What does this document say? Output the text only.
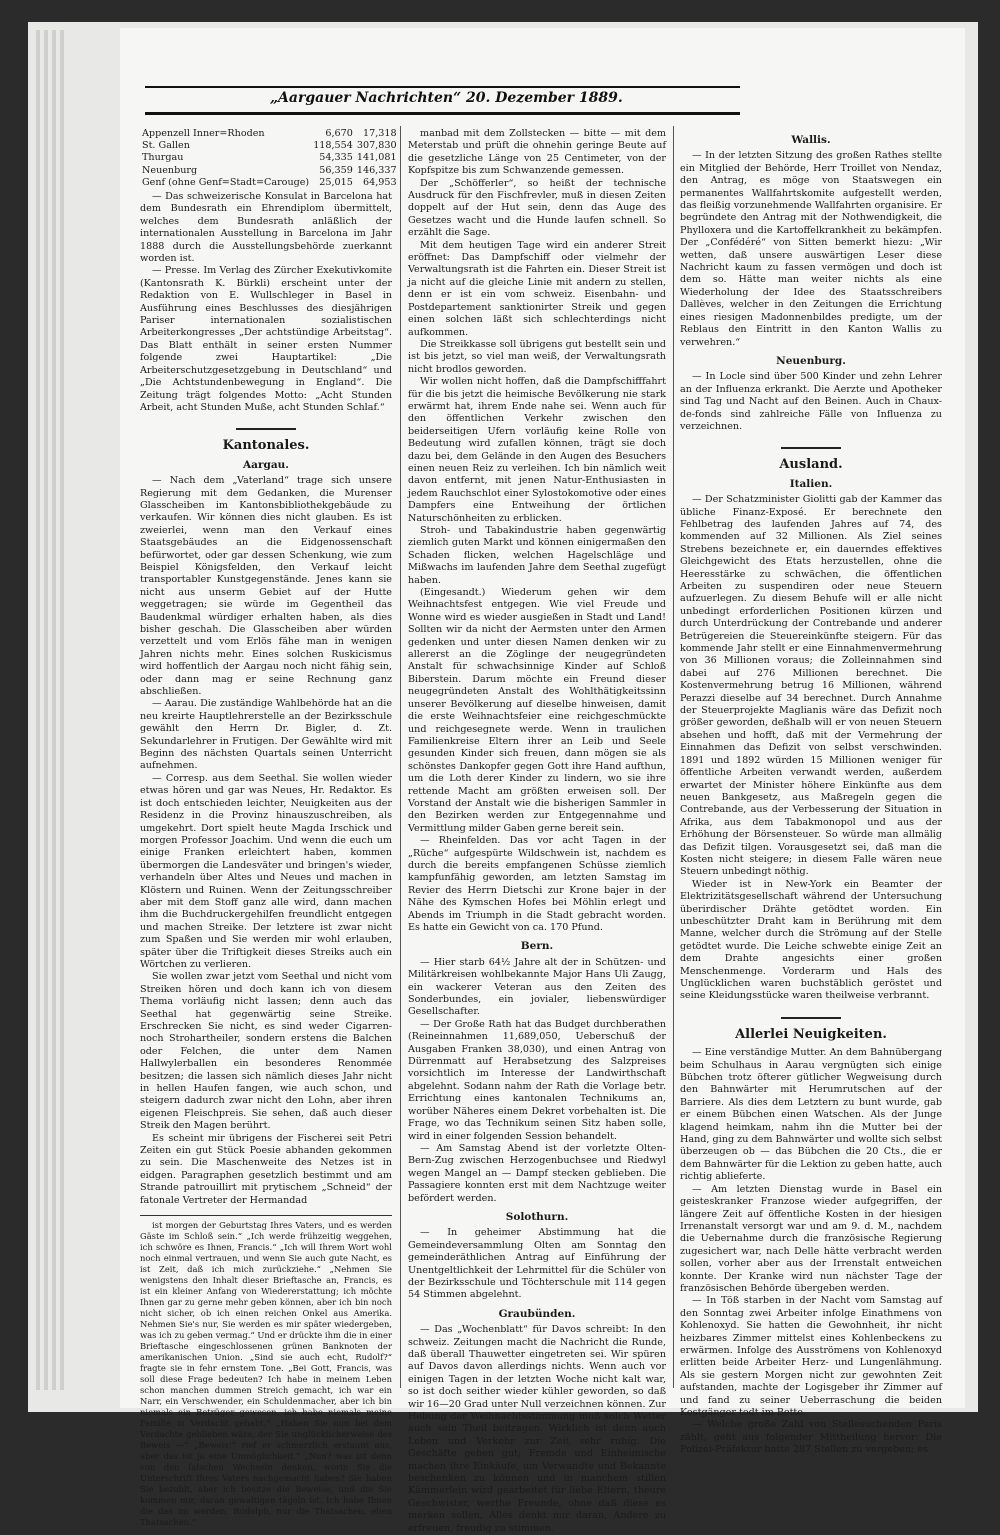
„Aargauer Nachrichten“ 20. Dezember 1889.
Appenzell Inner=Rhoden	6,670	17,318
St. Gallen	118,554	307,830
Thurgau	54,335	141,081
Neuenburg	56,359	146,337
Genf (ohne Genf=Stadt=Carouge)	25,015	64,953

— Das schweizerische Konsulat in Barcelona hat dem Bundesrath ein Ehrendiplom übermittelt, welches dem Bundesrath anläßlich der internationalen Ausstellung in Barcelona im Jahr 1888 durch die Ausstellungsbehörde zuerkannt worden ist.

— Presse. Im Verlag des Zürcher Exekutivkomite (Kantonsrath K. Bürkli) erscheint unter der Redaktion von E. Wullschleger in Basel in Ausführung eines Beschlusses des diesjährigen Pariser internationalen sozialistischen Arbeiterkongresses „Der achtstündige Arbeitstag“. Das Blatt enthält in seiner ersten Nummer folgende zwei Hauptartikel: „Die Arbeiterschutzgesetzgebung in Deutschland“ und „Die Achtstundenbewegung in England“. Die Zeitung trägt folgendes Motto: „Acht Stunden Arbeit, acht Stunden Muße, acht Stunden Schlaf.“

Kantonales.
Aargau.

— Nach dem „Vaterland“ trage sich unsere Regierung mit dem Gedanken, die Murenser Glasscheiben im Kantonsbibliothekgebäude zu verkaufen. Wir können dies nicht glauben. Es ist zweierlei, wenn man den Verkauf eines Staatsgebäudes an die Eidgenossenschaft befürwortet, oder gar dessen Schenkung, wie zum Beispiel Königsfelden, den Verkauf leicht transportabler Kunstgegenstände. Jenes kann sie nicht aus unserm Gebiet auf der Hutte weggetragen; sie würde im Gegentheil das Baudenkmal würdiger erhalten haben, als dies bisher geschah. Die Glasscheiben aber würden verzettelt und vom Erlös fähe man in wenigen Jahren nichts mehr. Eines solchen Ruskicismus wird hoffentlich der Aargau noch nicht fähig sein, oder dann mag er seine Rechnung ganz abschließen.

— Aarau. Die zuständige Wahlbehörde hat an die neu kreirte Hauptlehrerstelle an der Bezirksschule gewählt den Herrn Dr. Bigler, d. Zt. Sekundarlehrer in Frutigen. Der Gewählte wird mit Beginn des nächsten Quartals seinen Unterricht aufnehmen.

— Corresp. aus dem Seethal. Sie wollen wieder etwas hören und gar was Neues, Hr. Redaktor. Es ist doch entschieden leichter, Neuigkeiten aus der Residenz in die Provinz hinauszuschreiben, als umgekehrt. Dort spielt heute Magda Irschick und morgen Professor Joachim. Und wenn die euch um einige Franken erleichtert haben, kommen übermorgen die Landesväter und bringen's wieder, verhandeln über Altes und Neues und machen in Klöstern und Ruinen. Wenn der Zeitungsschreiber aber mit dem Stoff ganz alle wird, dann machen ihm die Buchdruckergehilfen freundlicht entgegen und machen Streike. Der letztere ist zwar nicht zum Spaßen und Sie werden mir wohl erlauben, später über die Triftigkeit dieses Streiks auch ein Wörtchen zu verlieren.

Sie wollen zwar jetzt vom Seethal und nicht vom Streiken hören und doch kann ich von diesem Thema vorläufig nicht lassen; denn auch das Seethal hat gegenwärtig seine Streike. Erschrecken Sie nicht, es sind weder Cigarren- noch Strohartheiler, sondern erstens die Balchen oder Felchen, die unter dem Namen Hallwylerballen ein besonderes Renommée besitzen; die lassen sich nämlich dieses Jahr nicht in hellen Haufen fangen, wie auch schon, und steigern dadurch zwar nicht den Lohn, aber ihren eigenen Fleischpreis. Sie sehen, daß auch dieser Streik den Magen berührt.

Es scheint mir übrigens der Fischerei seit Petri Zeiten ein gut Stück Poesie abhanden gekommen zu sein. Die Maschenweite des Netzes ist in eidgen. Paragraphen gesetzlich bestimmt und am Strande patrouillirt mit prytischem „Schneid“ der fatonale Vertreter der Hermandad

ist morgen der Geburtstag Ihres Vaters, und es werden Gäste im Schloß sein.“ „Ich werde frühzeitig weggehen, ich schwöre es Ihnen, Francis.“ „Ich will Ihrem Wort wohl noch einmal vertrauen, und wenn Sie auch gute Nacht, es ist Zeit, daß ich mich zurückziehe.“ „Nehmen Sie wenigstens den Inhalt dieser Brieftasche an, Francis, es ist ein kleiner Anfang von Wiedererstattung; ich möchte Ihnen gar zu gerne mehr geben können, aber ich bin noch nicht sicher, ob ich einen reichen Onkel aus Amerika. Nehmen Sie's nur, Sie werden es mir später wiedergeben, was ich zu geben vermag.“ Und er drückte ihm die in einer Brieftasche eingeschlossenen grünen Banknoten der amerikanischen Union. „Sind sie auch echt, Rudolf?“ fragte sie in fehr ernstem Tone. „Bei Gott, Francis, was soll diese Frage bedeuten? Ich habe in meinem Leben schon manchen dummen Streich gemacht, ich war ein Narr, ein Verschwender, ein Schuldenmacher, aber ich bin niemals ein Betrüger gewesen, ich habe niemals meine Familie in Verdacht gehabt.“ „Haben Sie nun bei dem Verdachte geblieben wäre, der Sie unglücklicherweise des Beweis —“ „Beweis!“ rief er schmerzlich erstaunt aus, aber das ist ja eine Unmöglichkeit.“ „Nun? was ist denn von den falschen Wechseln denken, worin Sie die Unterschrift Ihres Vaters nachgemacht haben? Sie haben Sie bezahlt, aber ich besitze die Beweise, und die Sie kommen mir, daran gewaltigen tägeln ist. Ich habe Ihnen die das im werden, Rudolph, nur die Thatsachen, eben Thatsachen.“

manbad mit dem Zollstecken — bitte — mit dem Meterstab und prüft die ohnehin geringe Beute auf die gesetzliche Länge von 25 Centimeter, von der Kopfspitze bis zum Schwanzende gemessen.

Der „Schöfferler“, so heißt der technische Ausdruck für den Fischfrevler, muß in diesen Zeiten doppelt auf der Hut sein, denn das Auge des Gesetzes wacht und die Hunde laufen schnell. So erzählt die Sage.

Mit dem heutigen Tage wird ein anderer Streit eröffnet: Das Dampfschiff oder vielmehr der Verwaltungsrath ist die Fahrten ein. Dieser Streit ist ja nicht auf die gleiche Linie mit andern zu stellen, denn er ist ein vom schweiz. Eisenbahn- und Postdepartement sanktionirter Streik und gegen einen solchen läßt sich schlechterdings nicht aufkommen.

Die Streikkasse soll übrigens gut bestellt sein und ist bis jetzt, so viel man weiß, der Verwaltungsrath nicht brodlos geworden.

Wir wollen nicht hoffen, daß die Dampfschifffahrt für die bis jetzt die heimische Bevölkerung nie stark erwärmt hat, ihrem Ende nahe sei. Wenn auch für den öffentlichen Verkehr zwischen den beiderseitigen Ufern vorläufig keine Rolle von Bedeutung wird zufallen können, trägt sie doch dazu bei, dem Gelände in den Augen des Besuchers einen neuen Reiz zu verleihen. Ich bin nämlich weit davon entfernt, mit jenen Natur-Enthusiasten in jedem Rauchschlot einer Sylostokomotive oder eines Dampfers eine Entweihung der örtlichen Naturschönheiten zu erblicken.

Stroh- und Tabakindustrie haben gegenwärtig ziemlich guten Markt und können einigermaßen den Schaden flicken, welchen Hagelschläge und Mißwachs im laufenden Jahre dem Seethal zugefügt haben.

(Eingesandt.) Wiederum gehen wir dem Weihnachtsfest entgegen. Wie viel Freude und Wonne wird es wieder ausgießen in Stadt und Land! Sollten wir da nicht der Aermsten unter den Armen gedenken und unter diesen Namen denken wir zu allererst an die Zöglinge der neugegründeten Anstalt für schwachsinnige Kinder auf Schloß Biberstein. Darum möchte ein Freund dieser neugegründeten Anstalt des Wohlthätigkeitssinn unserer Bevölkerung auf dieselbe hinweisen, damit die erste Weihnachtsfeier eine reichgeschmückte und reichgesegnete werde. Wenn in traulichen Familienkreise Eltern ihrer an Leib und Seele gesunden Kinder sich freuen, dann mögen sie als schönstes Dankopfer gegen Gott ihre Hand aufthun, um die Loth derer Kinder zu lindern, wo sie ihre rettende Macht am größten erweisen soll. Der Vorstand der Anstalt wie die bisherigen Sammler in den Bezirken werden zur Entgegennahme und Vermittlung milder Gaben gerne bereit sein.

— Rheinfelden. Das vor acht Tagen in der „Rüche“ aufgespürte Wildschwein ist, nachdem es durch die bereits empfangenen Schüsse ziemlich kampfunfähig geworden, am letzten Samstag im Revier des Herrn Dietschi zur Krone bajer in der Nähe des Kymschen Hofes bei Möhlin erlegt und Abends im Triumph in die Stadt gebracht worden. Es hatte ein Gewicht von ca. 170 Pfund.

Bern.

— Hier starb 64½ Jahre alt der in Schützen- und Militärkreisen wohlbekannte Major Hans Uli Zaugg, ein wackerer Veteran aus den Zeiten des Sonderbundes, ein jovialer, liebenswürdiger Gesellschafter.

— Der Große Rath hat das Budget durchberathen (Reineinnahmen 11,689,050, Ueberschuß der Ausgaben Franken 38,030), und einen Antrag von Dürrenmatt auf Herabsetzung des Salzpreises vorsichtlich im Interesse der Landwirthschaft abgelehnt. Sodann nahm der Rath die Vorlage betr. Errichtung eines kantonalen Technikums an, worüber Näheres einem Dekret vorbehalten ist. Die Frage, wo das Technikum seinen Sitz haben solle, wird in einer folgenden Session behandelt.

— Am Samstag Abend ist der vorletzte Olten-Bern-Zug zwischen Herzogenbuchsee und Riedwyl wegen Mangel an — Dampf stecken geblieben. Die Passagiere konnten erst mit dem Nachtzuge weiter befördert werden.

Solothurn.

— In geheimer Abstimmung hat die Gemeindeversammlung Olten am Sonntag den gemeinderäthlichen Antrag auf Einführung der Unentgeltlichkeit der Lehrmittel für die Schüler von der Bezirksschule und Töchterschule mit 114 gegen 54 Stimmen abgelehnt.

Graubünden.

— Das „Wochenblatt“ für Davos schreibt: In den schweiz. Zeitungen macht die Nachricht die Runde, daß überall Thauwetter eingetreten sei. Wir spüren auf Davos davon allerdings nichts. Wenn auch vor einigen Tagen in der letzten Woche nicht kalt war, so ist doch seither wieder kühler geworden, so daß wir 16—20 Grad unter Null verzeichnen können. Zur Hebung der Weihnachtsstimmung muß solch Wetter auch sein Theil beitragen. Wirklich ist denn auch Leben und Verkehr zur Zeit sehr ruhig. Die Geschäfte gehen gut; Fremde und Einheimische machen ihre Einkäufe, um Verwandte und Bekannte beschenken zu können und in manchem stillen Kämmerlein wird gearbeitet für liebe Eltern, theure Geschwister, werthe Freunde, ohne daß diese es merken sollen, Alles denkt nur daran, Andere zu erfreuen, freudig zu stimmen.

Wallis.

— In der letzten Sitzung des großen Rathes stellte ein Mitglied der Behörde, Herr Troillet von Nendaz, den Antrag, es möge von Staatswegen ein permanentes Wallfahrtskomite aufgestellt werden, das fleißig vorzunehmende Wallfahrten organisire. Er begründete den Antrag mit der Nothwendigkeit, die Phylloxera und die Kartoffelkrankheit zu bekämpfen. Der „Confédéré“ von Sitten bemerkt hiezu: „Wir wetten, daß unsere auswärtigen Leser diese Nachricht kaum zu fassen vermögen und doch ist dem so. Hätte man weiter nichts als eine Wiederholung der Idee des Staatsschreibers Dallèves, welcher in den Zeitungen die Errichtung eines riesigen Madonnenbildes predigte, um der Reblaus den Eintritt in den Kanton Wallis zu verwehren.“

Neuenburg.

— In Locle sind über 500 Kinder und zehn Lehrer an der Influenza erkrankt. Die Aerzte und Apotheker sind Tag und Nacht auf den Beinen. Auch in Chaux-de-fonds sind zahlreiche Fälle von Influenza zu verzeichnen.

Ausland.
Italien.

— Der Schatzminister Giolitti gab der Kammer das übliche Finanz-Exposé. Er berechnete den Fehlbetrag des laufenden Jahres auf 74, des kommenden auf 32 Millionen. Als Ziel seines Strebens bezeichnete er, ein dauerndes effektives Gleichgewicht des Etats herzustellen, ohne die Heeresstärke zu schwächen, die öffentlichen Arbeiten zu suspendiren oder neue Steuern aufzuerlegen. Zu diesem Behufe will er alle nicht unbedingt erforderlichen Positionen kürzen und durch Unterdrückung der Contrebande und anderer Betrügereien die Steuereinkünfte steigern. Für das kommende Jahr stellt er eine Einnahmenvermehrung von 36 Millionen voraus; die Zolleinnahmen sind dabei auf 276 Millionen berechnet. Die Kostenvermehrung betrug 16 Millionen, während Perazzi dieselbe auf 34 berechnet. Durch Annahme der Steuerprojekte Maglianis wäre das Defizit noch größer geworden, deßhalb will er von neuen Steuern absehen und hofft, daß mit der Vermehrung der Einnahmen das Defizit von selbst verschwinden. 1891 und 1892 würden 15 Millionen weniger für öffentliche Arbeiten verwandt werden, außerdem erwartet der Minister höhere Einkünfte aus dem neuen Bankgesetz, aus Maßregeln gegen die Contrebande, aus der Verbesserung der Situation in Afrika, aus dem Tabakmonopol und aus der Erhöhung der Börsensteuer. So würde man allmälig das Defizit tilgen. Vorausgesetzt sei, daß man die Kosten nicht steigere; in diesem Falle wären neue Steuern unbedingt nöthig.

Wieder ist in New-York ein Beamter der Elektrizitätsgesellschaft während der Untersuchung überirdischer Drähte getödtet worden. Ein unbeschützter Draht kam in Berührung mit dem Manne, welcher durch die Strömung auf der Stelle getödtet wurde. Die Leiche schwebte einige Zeit an dem Drahte angesichts einer großen Menschenmenge. Vorderarm und Hals des Unglücklichen waren buchstäblich geröstet und seine Kleidungsstücke waren theilweise verbrannt.

Allerlei Neuigkeiten.

— Eine verständige Mutter. An dem Bahnübergang beim Schulhaus in Aarau vergnügten sich einige Bübchen trotz öfterer gütlicher Wegweisung durch den Bahnwärter mit Herumrutschen auf der Barriere. Als dies dem Letztern zu bunt wurde, gab er einem Bübchen einen Watschen. Als der Junge klagend heimkam, nahm ihn die Mutter bei der Hand, ging zu dem Bahnwärter und wollte sich selbst überzeugen ob — das Bübchen die 20 Cts., die er dem Bahnwärter für die Lektion zu geben hatte, auch richtig ablieferte.

— Am letzten Dienstag wurde in Basel ein geisteskranker Franzose wieder aufgegriffen, der längere Zeit auf öffentliche Kosten in der hiesigen Irrenanstalt versorgt war und am 9. d. M., nachdem die Uebernahme durch die französische Regierung zugesichert war, nach Delle hätte verbracht werden sollen, vorher aber aus der Irrenstalt entweichen konnte. Der Kranke wird nun nächster Tage der französischen Behörde übergeben werden.

— In Töß starben in der Nacht vom Samstag auf den Sonntag zwei Arbeiter infolge Einathmens von Kohlenoxyd. Sie hatten die Gewohnheit, ihr nicht heizbares Zimmer mittelst eines Kohlenbeckens zu erwärmen. Infolge des Ausströmens von Kohlenoxyd erlitten beide Arbeiter Herz- und Lungenlähmung. Als sie gestern Morgen nicht zur gewohnten Zeit aufstanden, machte der Logisgeber ihr Zimmer auf und fand zu seiner Ueberraschung die beiden Kostgänger todt im Bette.

— Welche große Zahl von Stellesuchenden Paris zählt, geht aus folgender Mittheilung hervor: Die Polizei-Präfektur hatte 287 Stellen zu vergeben; es
